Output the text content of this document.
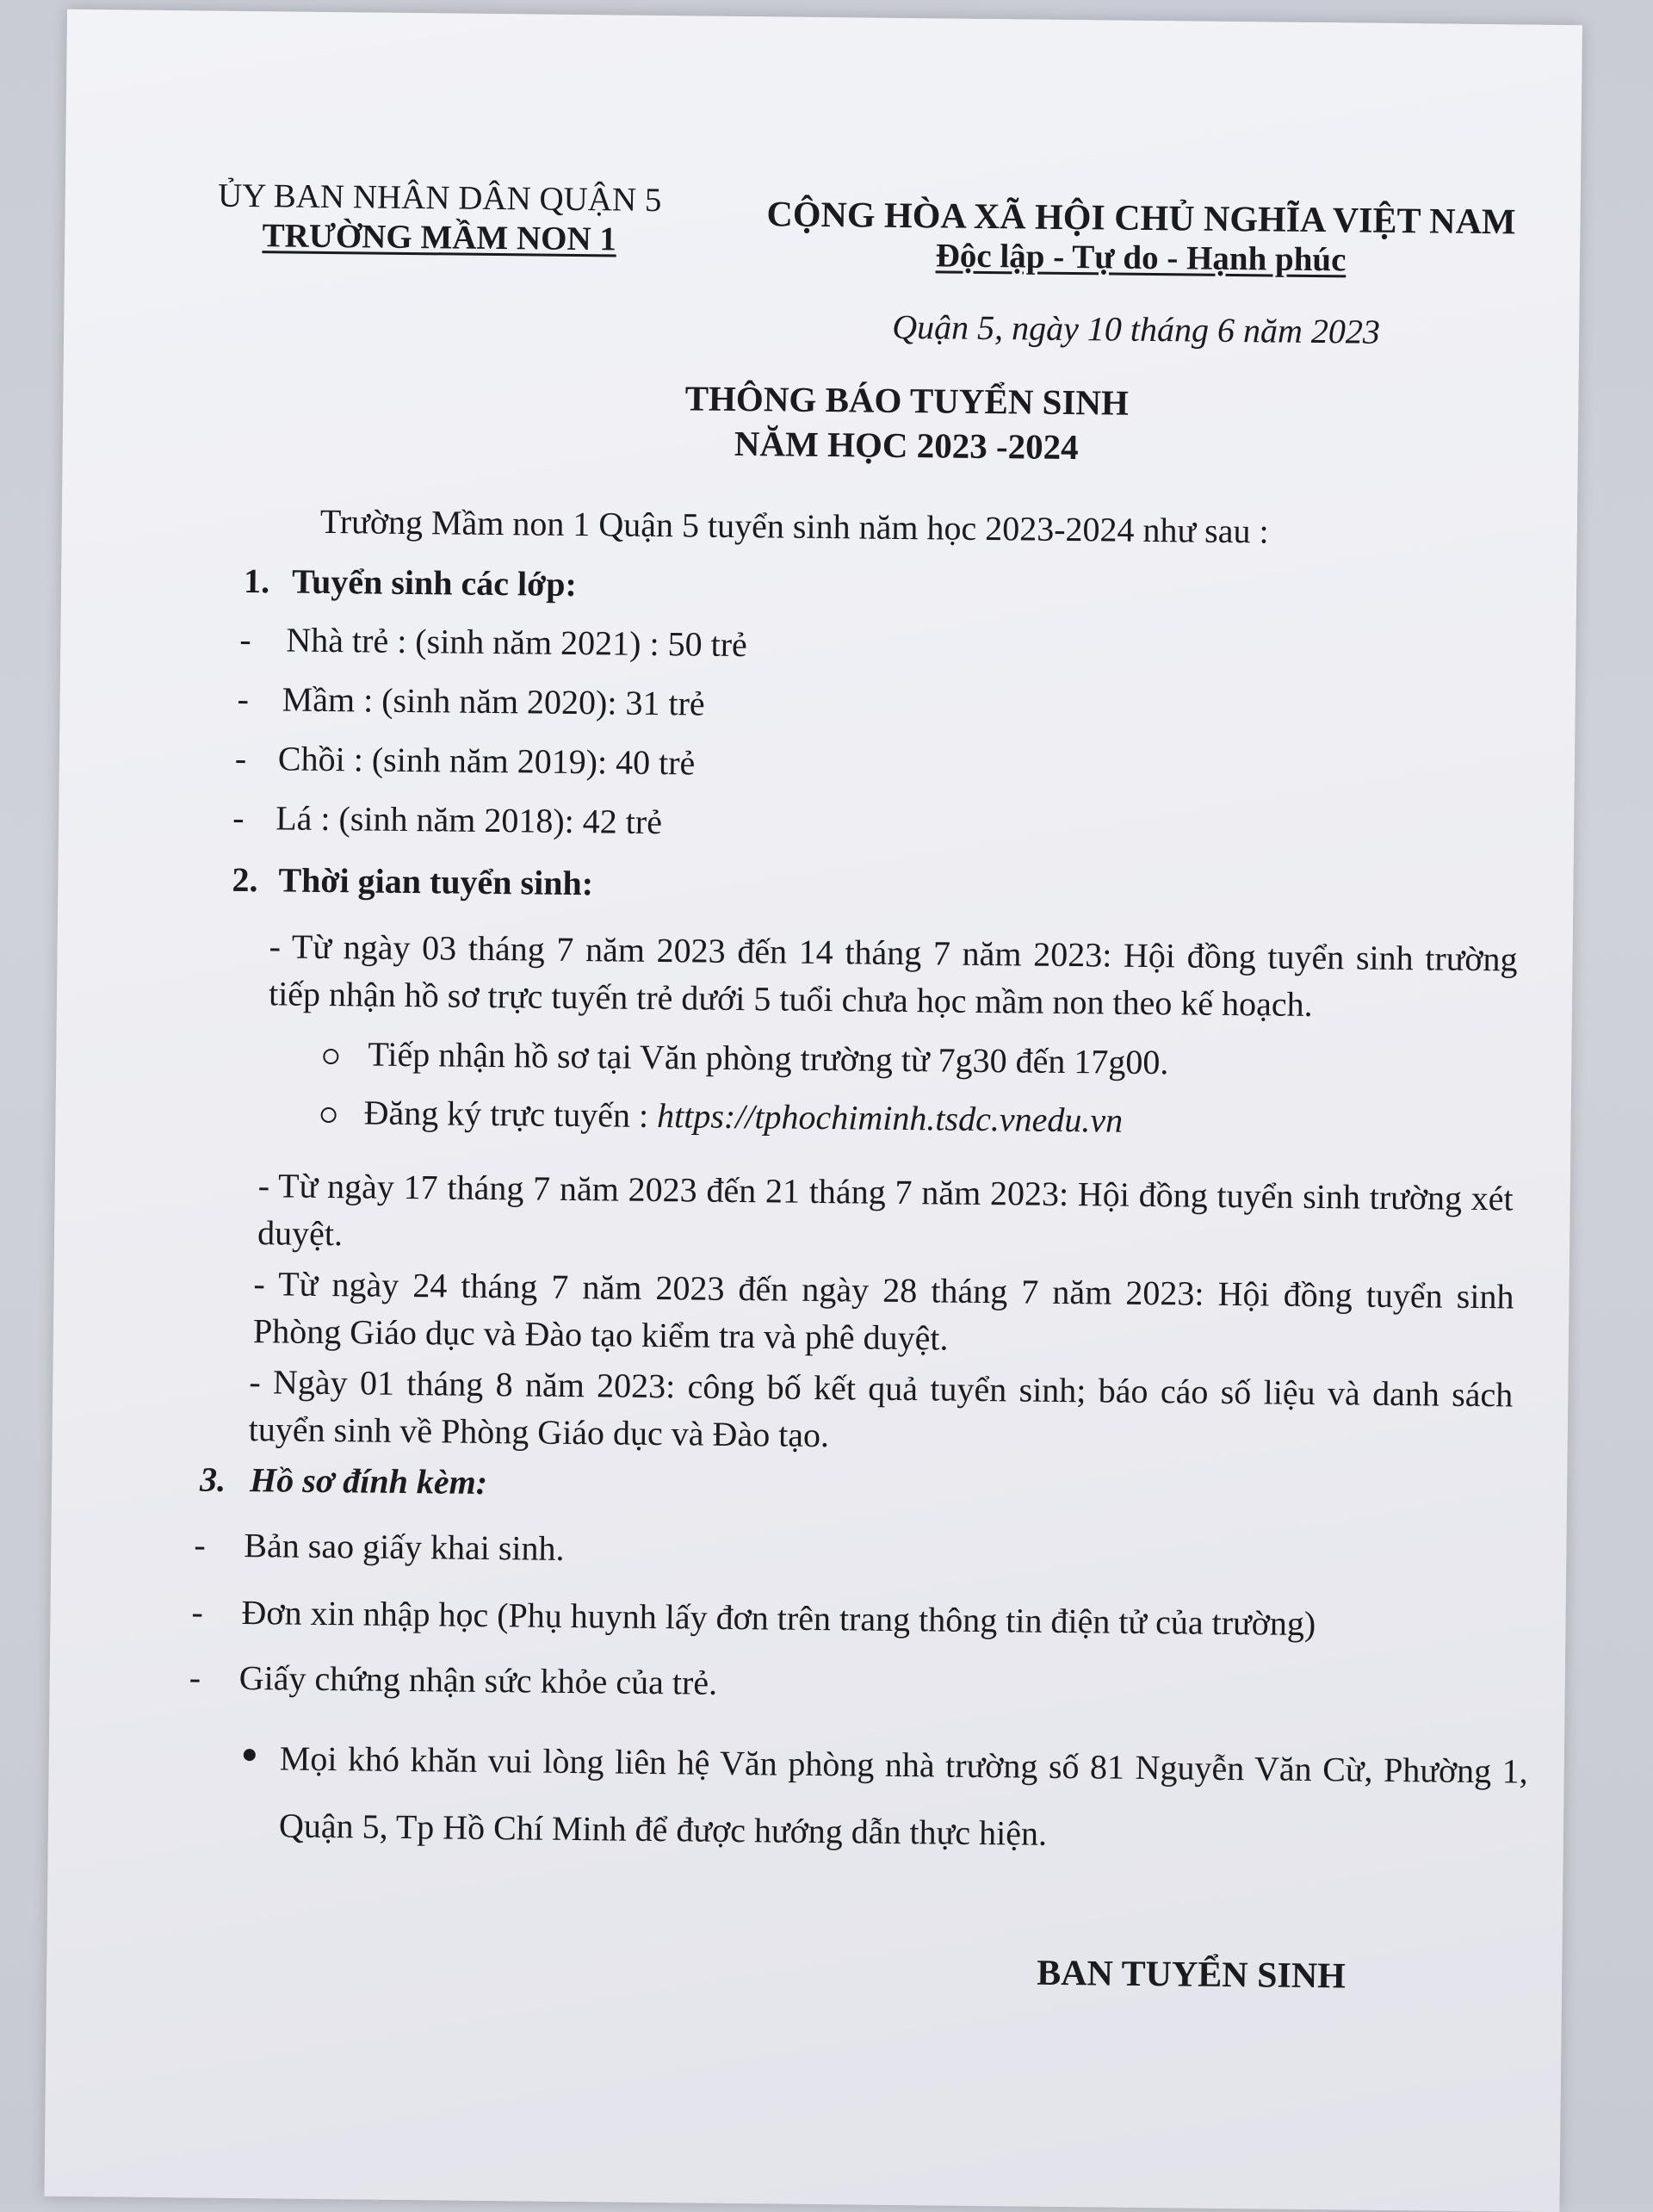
ỦY BAN NHÂN DÂN QUẬN 5
TRƯỜNG MẦM NON 1	CỘNG HÒA XÃ HỘI CHỦ NGHĨA VIỆT NAM
Độc lập - Tự do - Hạnh phúc
Quận 5, ngày 10 tháng 6 năm 2023
THÔNG BÁO TUYỂN SINH
NĂM HỌC 2023 -2024
Trường Mầm non 1 Quận 5 tuyển sinh năm học 2023-2024 như sau :
1. Tuyển sinh các lớp:
- Nhà trẻ : (sinh năm 2021) : 50 trẻ
- Mầm : (sinh năm 2020): 31 trẻ
- Chồi : (sinh năm 2019): 40 trẻ
- Lá : (sinh năm 2018): 42 trẻ
2. Thời gian tuyển sinh:
- Từ ngày 03 tháng 7 năm 2023 đến 14 tháng 7 năm 2023: Hội đồng tuyển sinh trường tiếp nhận hồ sơ trực tuyến trẻ dưới 5 tuổi chưa học mầm non theo kế hoạch.
Tiếp nhận hồ sơ tại Văn phòng trường từ 7g30 đến 17g00.
Đăng ký trực tuyến : https://tphochiminh.tsdc.vnedu.vn
- Từ ngày 17 tháng 7 năm 2023 đến 21 tháng 7 năm 2023: Hội đồng tuyển sinh trường xét duyệt.
- Từ ngày 24 tháng 7 năm 2023 đến ngày 28 tháng 7 năm 2023: Hội đồng tuyển sinh Phòng Giáo dục và Đào tạo kiểm tra và phê duyệt.
- Ngày 01 tháng 8 năm 2023: công bố kết quả tuyển sinh; báo cáo số liệu và danh sách tuyển sinh về Phòng Giáo dục và Đào tạo.
3. Hồ sơ đính kèm:
- Bản sao giấy khai sinh.
- Đơn xin nhập học (Phụ huynh lấy đơn trên trang thông tin điện tử của trường)
- Giấy chứng nhận sức khỏe của trẻ.
Mọi khó khăn vui lòng liên hệ Văn phòng nhà trường số 81 Nguyễn Văn Cừ, Phường 1, Quận 5, Tp Hồ Chí Minh để được hướng dẫn thực hiện.
BAN TUYỂN SINH
